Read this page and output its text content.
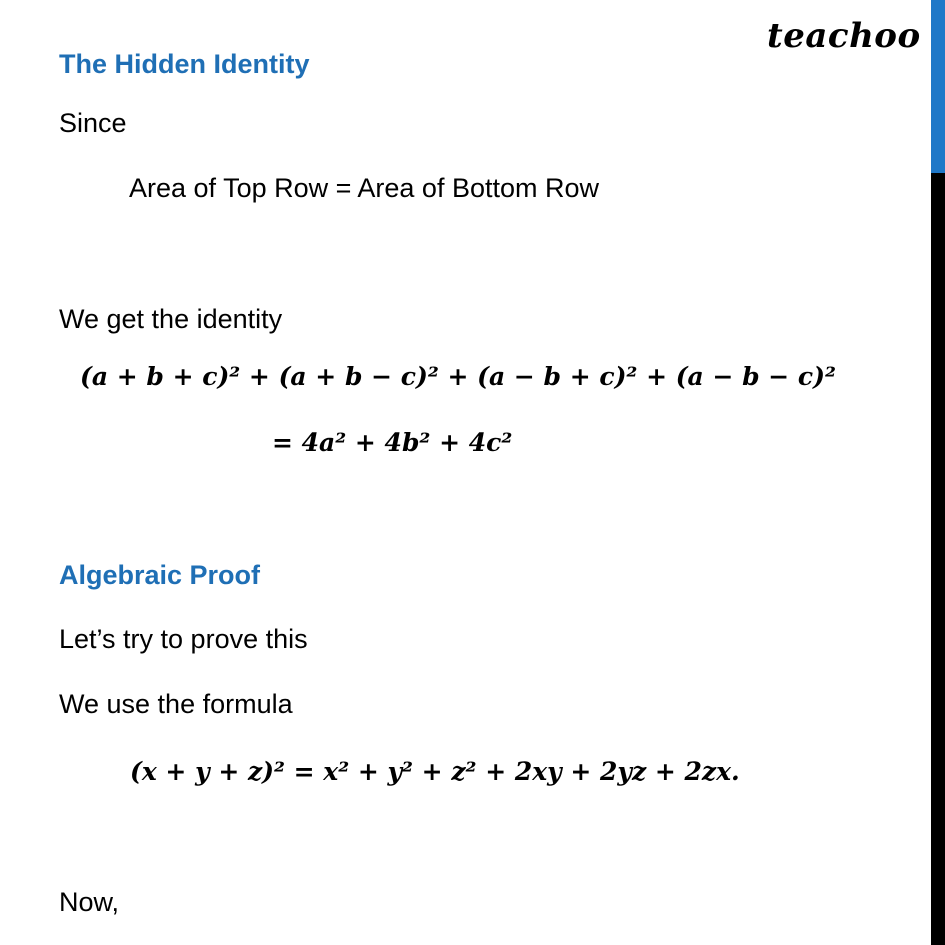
teachoo
The Hidden Identity
Since
Area of Top Row = Area of Bottom Row
We get the identity
(a + b + c)² + (a + b − c)² + (a − b + c)² + (a − b − c)²
= 4a² + 4b² + 4c²
Algebraic Proof
Let’s try to prove this
We use the formula
(x + y + z)² = x² + y² + z² + 2xy + 2yz + 2zx.
Now,
